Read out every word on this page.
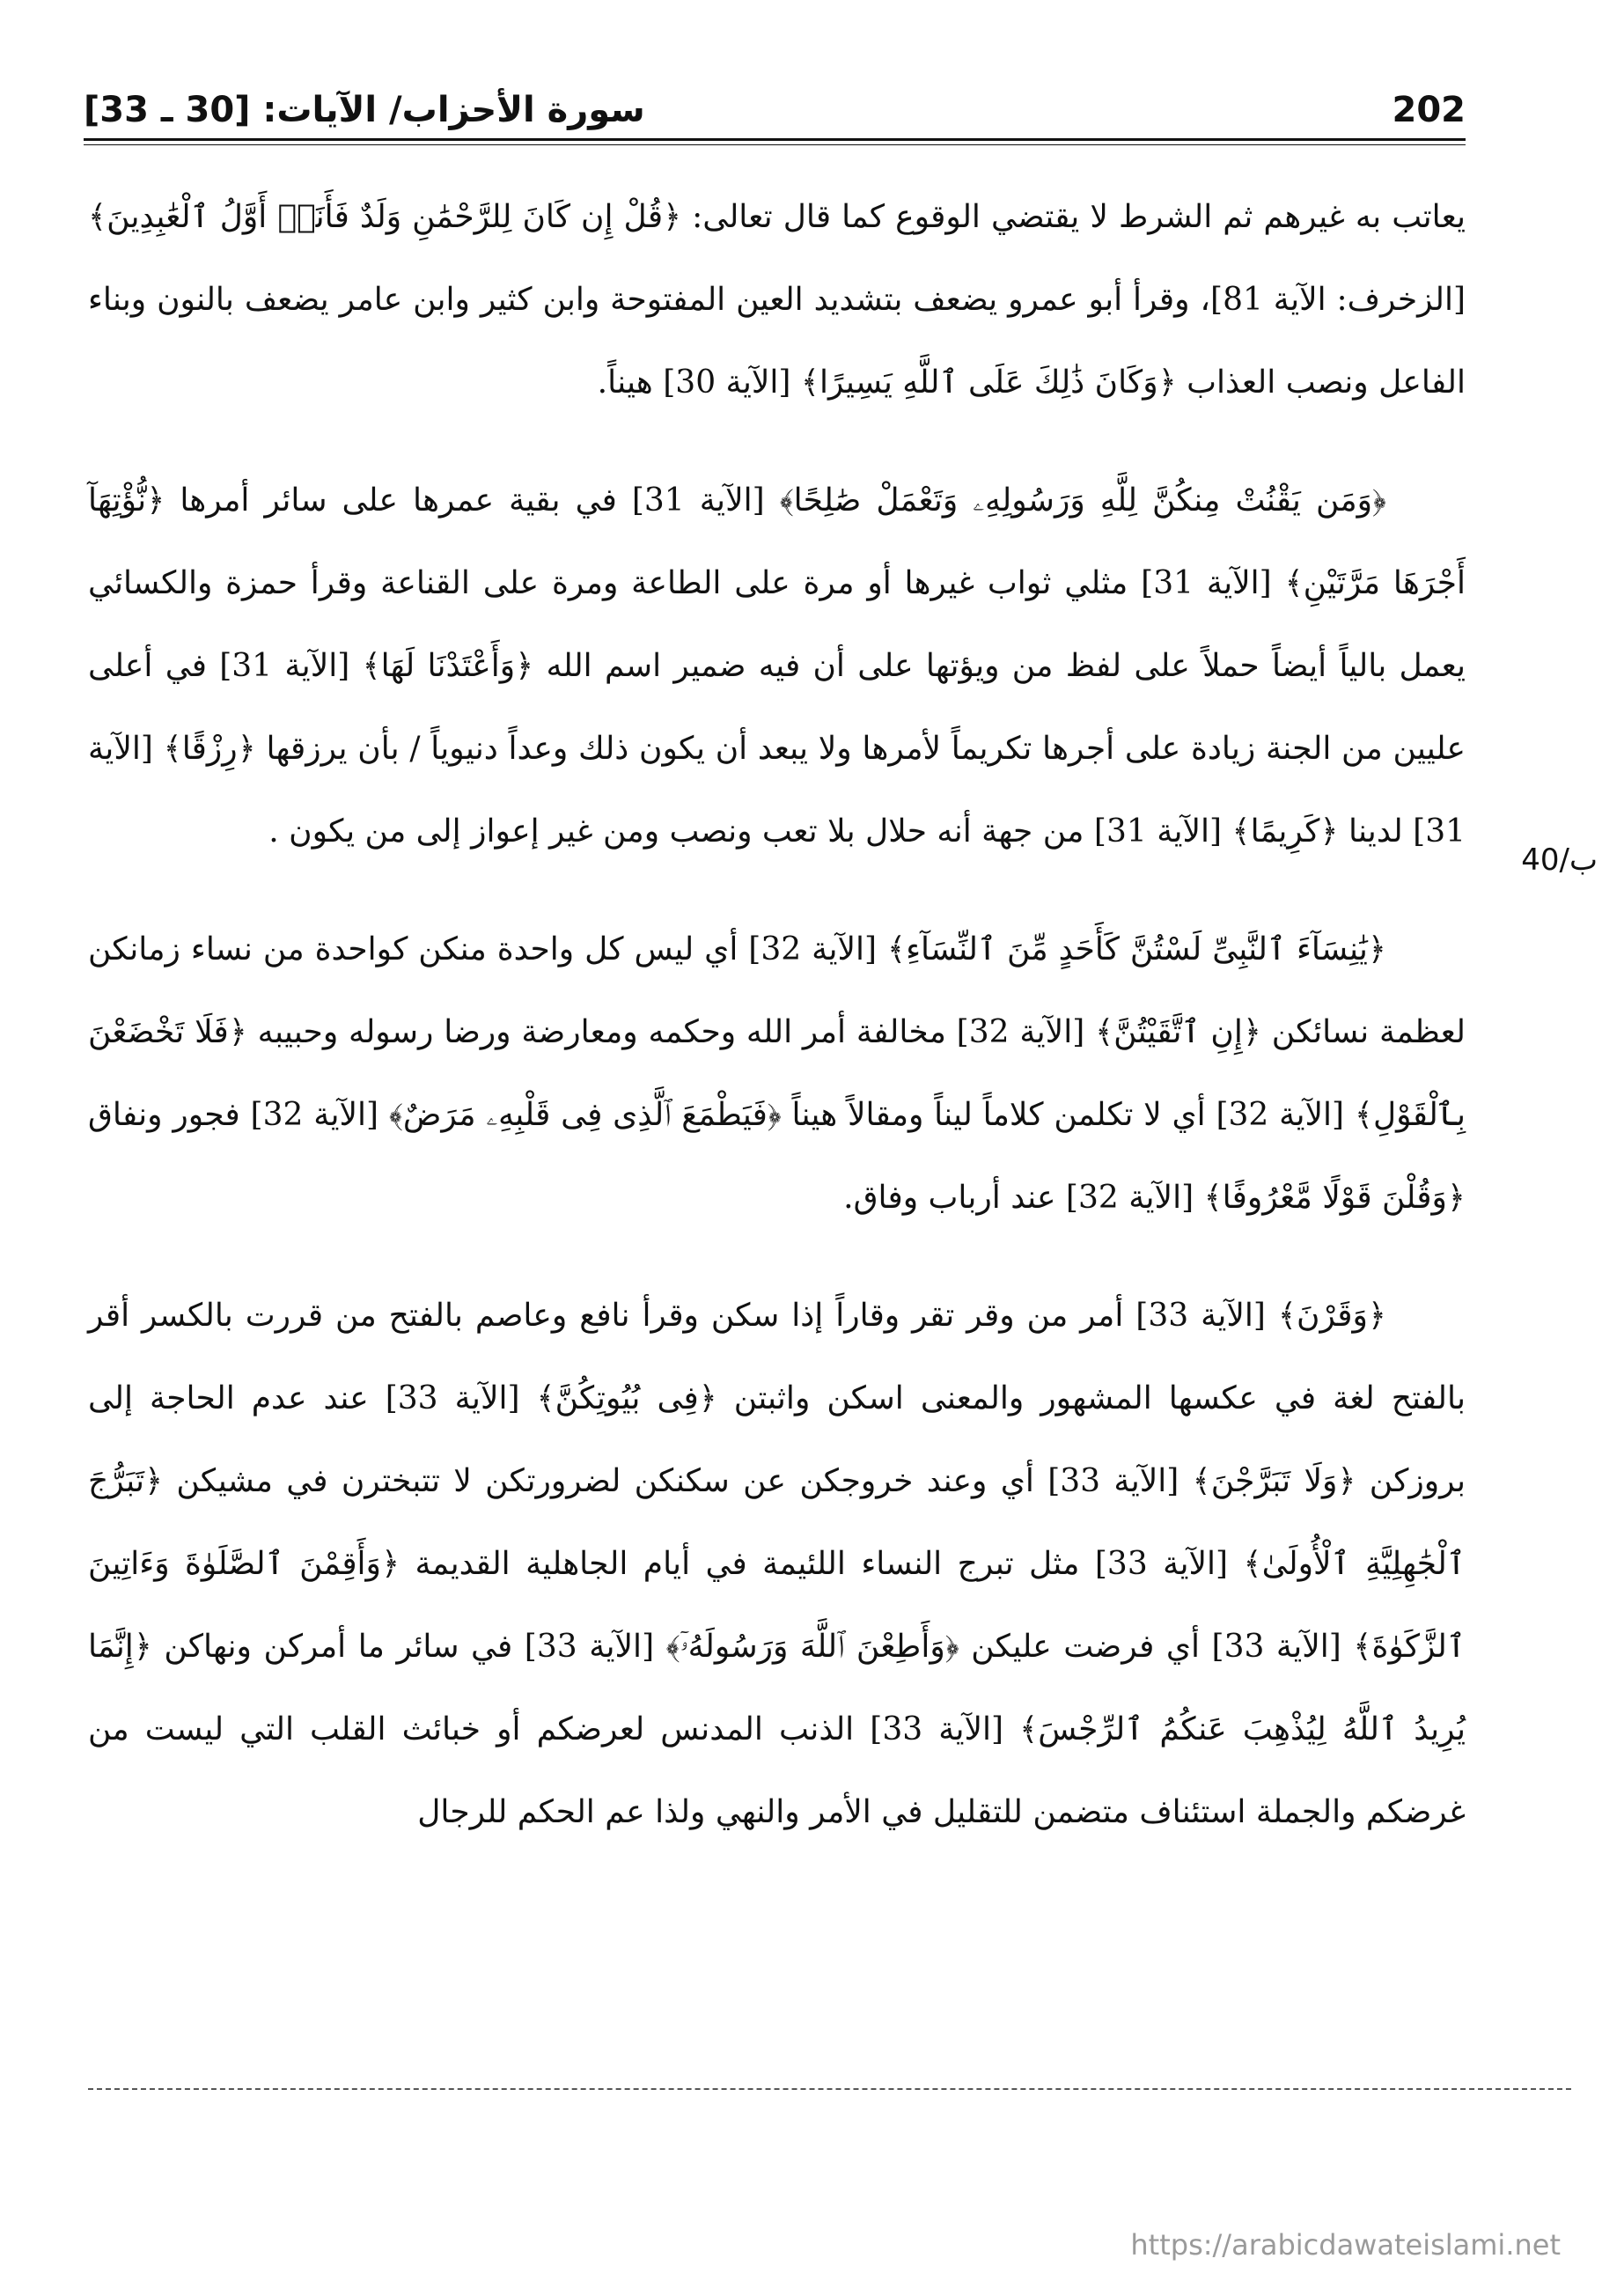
سورة الأحزاب/ الآيات: [30 ـ 33]	202
40/ب

يعاتب به غيرهم ثم الشرط لا يقتضي الوقوع كما قال تعالى: ﴿قُلْ إِن كَانَ لِلرَّحْمَٰنِ وَلَدٌ فَأَنَا۠ أَوَّلُ ٱلْعَٰبِدِينَ﴾ [الزخرف: الآية 81]، وقرأ أبو عمرو يضعف بتشديد العين المفتوحة وابن كثير وابن عامر يضعف بالنون وبناء الفاعل ونصب العذاب ﴿وَكَانَ ذَٰلِكَ عَلَى ٱللَّهِ يَسِيرًا﴾ [الآية 30] هيناً.

﴿وَمَن يَقْنُتْ مِنكُنَّ لِلَّهِ وَرَسُولِهِۦ وَتَعْمَلْ صَٰلِحًا﴾ [الآية 31] في بقية عمرها على سائر أمرها ﴿نُّؤْتِهَآ أَجْرَهَا مَرَّتَيْنِ﴾ [الآية 31] مثلي ثواب غيرها أو مرة على الطاعة ومرة على القناعة وقرأ حمزة والكسائي يعمل بالياً أيضاً حملاً على لفظ من ويؤتها على أن فيه ضمير اسم الله ﴿وَأَعْتَدْنَا لَهَا﴾ [الآية 31] في أعلى عليين من الجنة زيادة على أجرها تكريماً لأمرها ولا يبعد أن يكون ذلك وعداً دنيوياً / بأن يرزقها ﴿رِزْقًا﴾ [الآية 31] لدينا ﴿كَرِيمًا﴾ [الآية 31] من جهة أنه حلال بلا تعب ونصب ومن غير إعواز إلى من يكون .

﴿يَٰنِسَآءَ ٱلنَّبِىِّ لَسْتُنَّ كَأَحَدٍ مِّنَ ٱلنِّسَآءِ﴾ [الآية 32] أي ليس كل واحدة منكن كواحدة من نساء زمانكن لعظمة نسائكن ﴿إِنِ ٱتَّقَيْتُنَّ﴾ [الآية 32] مخالفة أمر الله وحكمه ومعارضة ورضا رسوله وحبيبه ﴿فَلَا تَخْضَعْنَ بِٱلْقَوْلِ﴾ [الآية 32] أي لا تكلمن كلاماً ليناً ومقالاً هيناً ﴿فَيَطْمَعَ ٱلَّذِى فِى قَلْبِهِۦ مَرَضٌ﴾ [الآية 32] فجور ونفاق ﴿وَقُلْنَ قَوْلًا مَّعْرُوفًا﴾ [الآية 32] عند أرباب وفاق.

﴿وَقَرْنَ﴾ [الآية 33] أمر من وقر تقر وقاراً إذا سكن وقرأ نافع وعاصم بالفتح من قررت بالكسر أقر بالفتح لغة في عكسها المشهور والمعنى اسكن واثبتن ﴿فِى بُيُوتِكُنَّ﴾ [الآية 33] عند عدم الحاجة إلى بروزكن ﴿وَلَا تَبَرَّجْنَ﴾ [الآية 33] أي وعند خروجكن عن سكنكن لضرورتكن لا تتبخترن في مشيكن ﴿تَبَرُّجَ ٱلْجَٰهِلِيَّةِ ٱلْأُولَىٰ﴾ [الآية 33] مثل تبرج النساء اللئيمة في أيام الجاهلية القديمة ﴿وَأَقِمْنَ ٱلصَّلَوٰةَ وَءَاتِينَ ٱلزَّكَوٰةَ﴾ [الآية 33] أي فرضت عليكن ﴿وَأَطِعْنَ ٱللَّهَ وَرَسُولَهُۥٓ﴾ [الآية 33] في سائر ما أمركن ونهاكن ﴿إِنَّمَا يُرِيدُ ٱللَّهُ لِيُذْهِبَ عَنكُمُ ٱلرِّجْسَ﴾ [الآية 33] الذنب المدنس لعرضكم أو خبائث القلب التي ليست من غرضكم والجملة استئناف متضمن للتقليل في الأمر والنهي ولذا عم الحكم للرجال

https://arabicdawateislami.net
